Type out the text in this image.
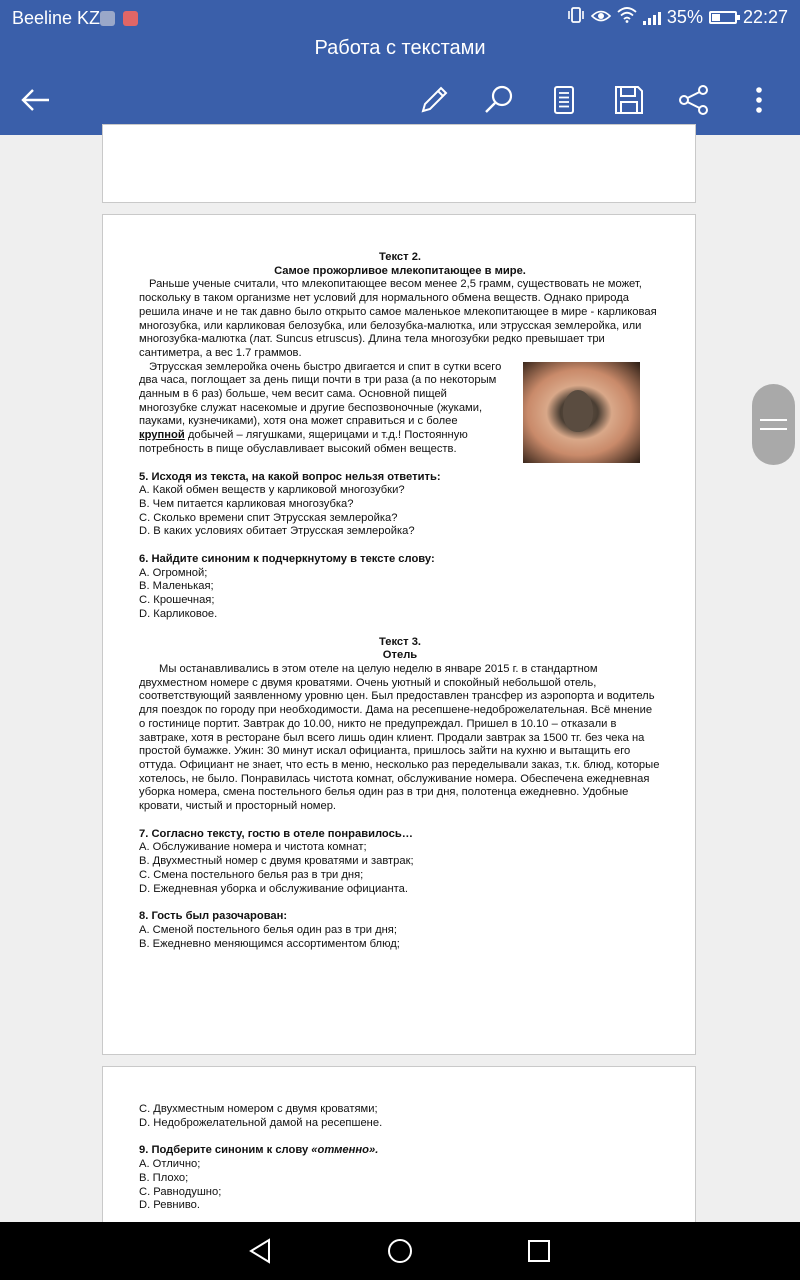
Beeline KZ	35% 22:27
Работа с текстами

Текст 2.

Самое прожорливое млекопитающее в мире.

Раньше ученые считали, что млекопитающее весом менее 2,5 грамм, существовать не может, поскольку в таком организме нет условий для нормального обмена веществ. Однако природа решила иначе и не так давно было открыто самое маленькое млекопитающее в мире - карликовая многозубка, или карликовая белозубка, или белозубка-малютка, или этрусская землеройка, или многозубка-малютка (лат. Suncus etruscus). Длина тела многозубки редко превышает три сантиметра, а вес 1.7 граммов.

Этрусская землеройка очень быстро двигается и спит в сутки всего два часа, поглощает за день пищи почти в три раза (а по некоторым данным в 6 раз) больше, чем весит сама. Основной пищей многозубке служат насекомые и другие беспозвоночные (жуками, пауками, кузнечиками), хотя она может справиться и с более крупной добычей – лягушками, ящерицами и т.д.! Постоянную потребность в пище обуславливает высокий обмен веществ.

5. Исходя из текста, на какой вопрос нельзя ответить:

A. Какой обмен веществ у карликовой многозубки?

B. Чем питается карликовая многозубка?

C. Сколько времени спит Этрусская землеройка?

D. В каких условиях обитает Этрусская землеройка?

6. Найдите синоним к подчеркнутому в тексте слову:

A. Огромной;

B. Маленькая;

C. Крошечная;

D. Карликовое.

Текст 3.

Отель

Мы останавливались в этом отеле на целую неделю в январе 2015 г. в стандартном двухместном номере с двумя кроватями. Очень уютный и спокойный небольшой отель, соответствующий заявленному уровню цен. Был предоставлен трансфер из аэропорта и водитель для поездок по городу при необходимости. Дама на ресепшене-недоброжелательная. Всё мнение о гостинице портит. Завтрак до 10.00, никто не предупреждал. Пришел в 10.10 – отказали в завтраке, хотя в ресторане был всего лишь один клиент. Продали завтрак за 1500 тг. без чека на простой бумажке. Ужин: 30 минут искал официанта, пришлось зайти на кухню и вытащить его оттуда. Официант не знает, что есть в меню, несколько раз переделывали заказ, т.к. блюд, которые хотелось, не было. Понравилась чистота комнат, обслуживание номера. Обеспечена ежедневная уборка номера, смена постельного белья один раз в три дня, полотенца ежедневно. Удобные кровати, чистый и просторный номер.

7. Согласно тексту, гостю в отеле понравилось…

A. Обслуживание номера и чистота комнат;

B. Двухместный номер с двумя кроватями и завтрак;

C. Смена постельного белья раз в три дня;

D. Ежедневная уборка и обслуживание официанта.

8. Гость был разочарован:

A. Сменой постельного белья один раз в три дня;

B. Ежедневно меняющимся ассортиментом блюд;

C. Двухместным номером с двумя кроватями;

D. Недоброжелательной дамой на ресепшене.

9. Подберите синоним к слову «отменно».

A. Отлично;

B. Плохо;

C. Равнодушно;

D. Ревниво.
